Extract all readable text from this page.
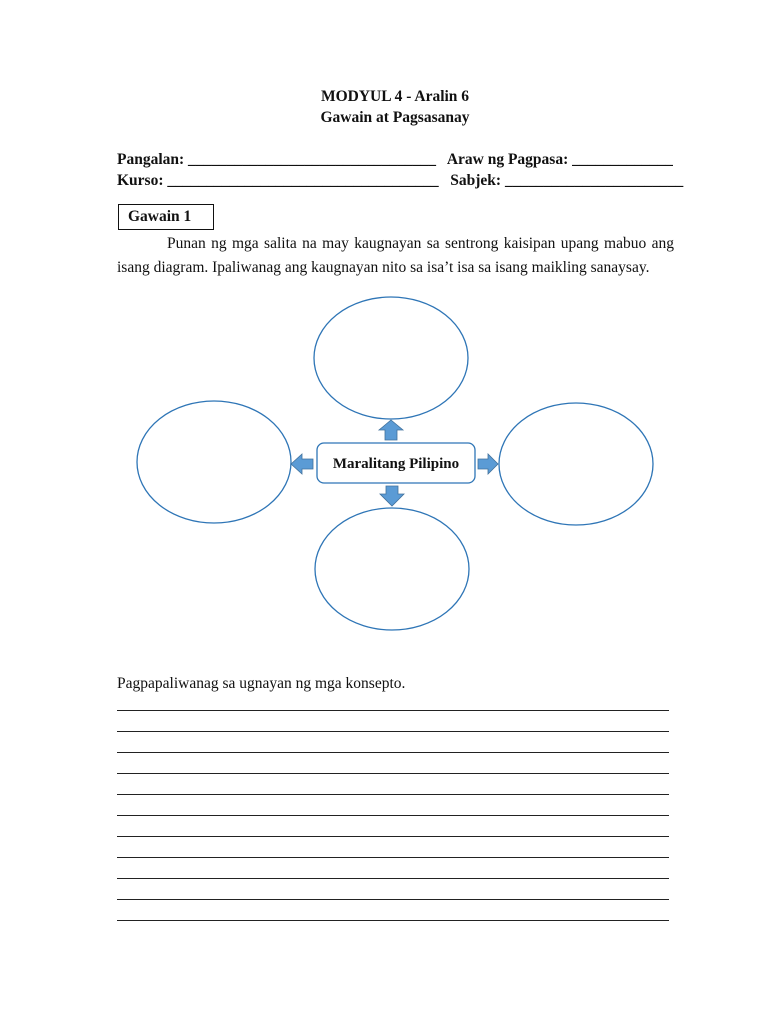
MODYUL 4 - Aralin 6
Gawain at Pagsasanay
Pangalan: ________________________________   Araw ng Pagpasa: _____________
Kurso: ___________________________________   Sabjek: _______________________
Gawain 1
Punan ng mga salita na may kaugnayan sa sentrong kaisipan upang mabuo ang isang diagram. Ipaliwanag ang kaugnayan nito sa isa’t isa sa isang maikling sanaysay.
Maralitang Pilipino
Pagpapaliwanag sa ugnayan ng mga konsepto.
